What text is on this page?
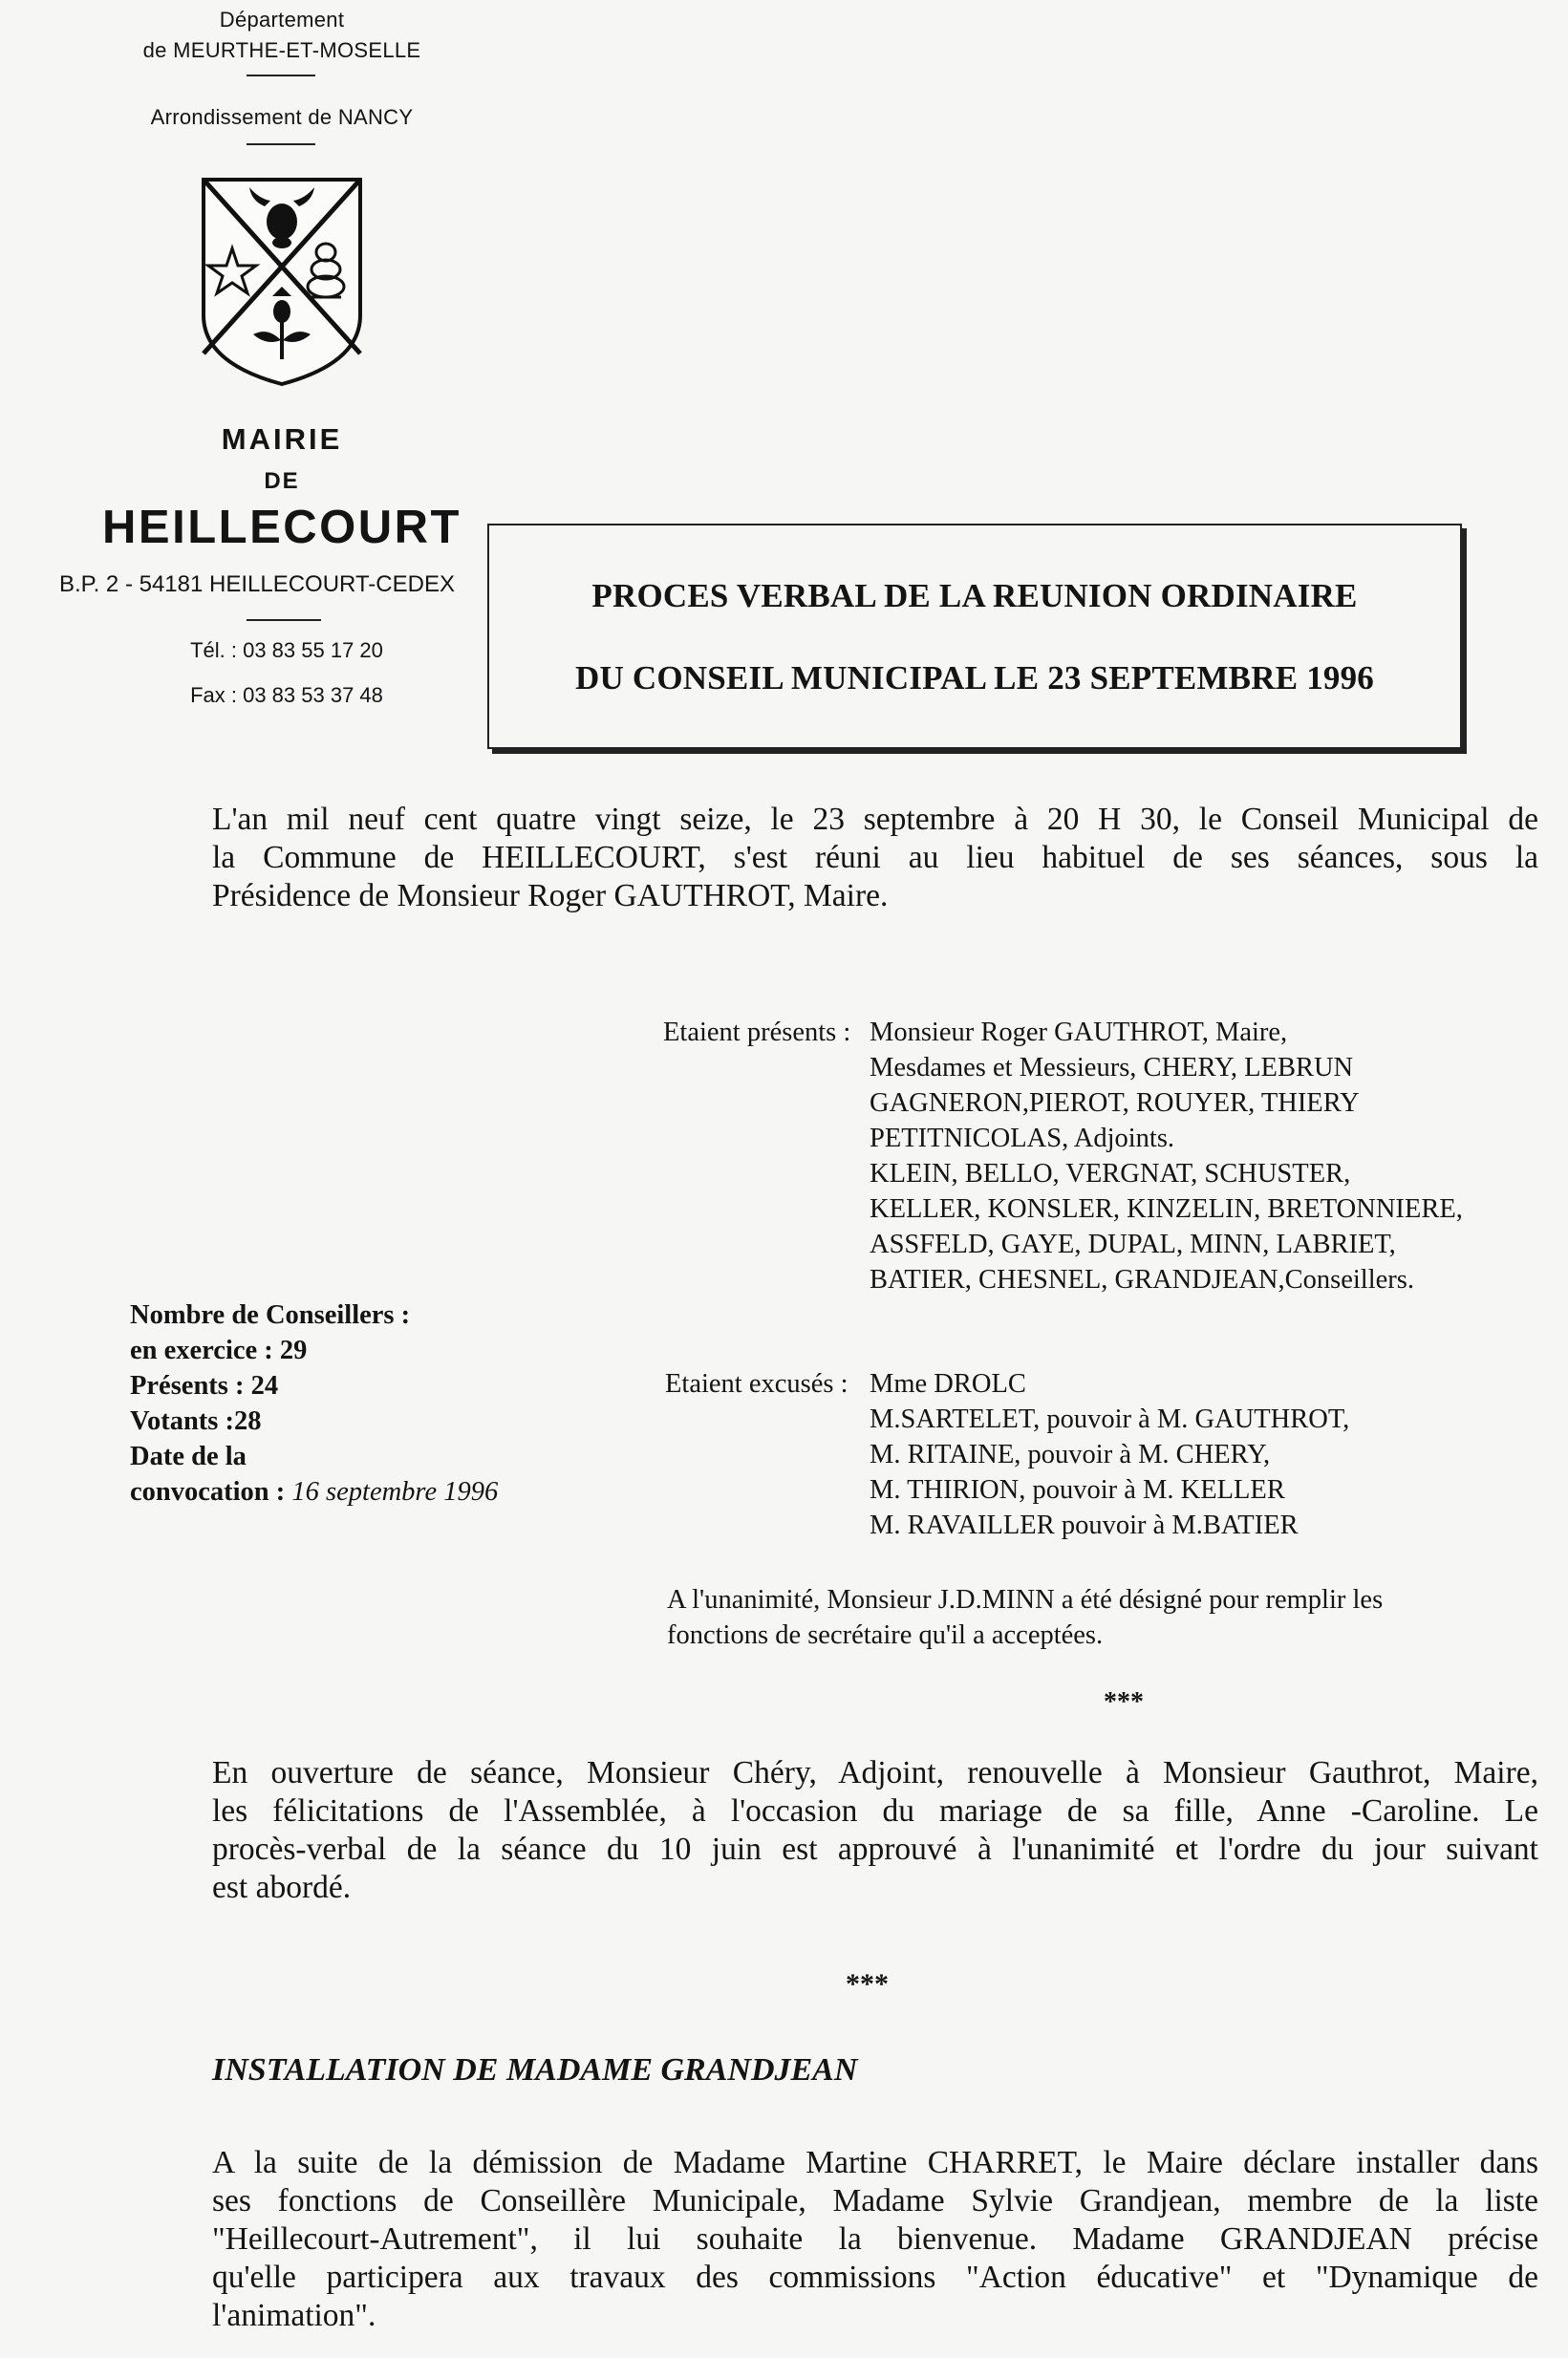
Département
de MEURTHE-ET-MOSELLE
Arrondissement de NANCY
MAIRIE
DE
HEILLECOURT
B.P. 2 - 54181 HEILLECOURT-CEDEX
Tél. : 03 83 55 17 20
Fax : 03 83 53 37 48
PROCES VERBAL DE LA REUNION ORDINAIRE
DU CONSEIL MUNICIPAL LE 23 SEPTEMBRE 1996
L'an mil neuf cent quatre vingt seize, le 23 septembre à 20 H 30, le Conseil Municipal de
la Commune de HEILLECOURT, s'est réuni au lieu habituel de ses séances, sous la
Présidence de Monsieur Roger GAUTHROT, Maire.
Etaient présents : Monsieur Roger GAUTHROT, Maire,
Mesdames et Messieurs, CHERY, LEBRUN
GAGNERON,PIEROT, ROUYER, THIERY
PETITNICOLAS, Adjoints.
KLEIN, BELLO, VERGNAT, SCHUSTER,
KELLER, KONSLER, KINZELIN, BRETONNIERE,
ASSFELD, GAYE, DUPAL, MINN, LABRIET,
BATIER, CHESNEL, GRANDJEAN,Conseillers.
Nombre de Conseillers :
en exercice : 29
Présents : 24
Votants :28
Date de la
convocation : 16 septembre 1996
Etaient excusés : Mme DROLC
M.SARTELET, pouvoir à M. GAUTHROT,
M. RITAINE, pouvoir à M. CHERY,
M. THIRION, pouvoir à M. KELLER
M. RAVAILLER pouvoir à M.BATIER
A l'unanimité, Monsieur J.D.MINN a été désigné pour remplir les
fonctions de secrétaire qu'il a acceptées.
***
En ouverture de séance, Monsieur Chéry, Adjoint, renouvelle à Monsieur Gauthrot, Maire,
les félicitations de l'Assemblée, à l'occasion du mariage de sa fille, Anne -Caroline. Le
procès-verbal de la séance du 10 juin est approuvé à l'unanimité et l'ordre du jour suivant
est abordé.
***
INSTALLATION DE MADAME GRANDJEAN
A la suite de la démission de Madame Martine CHARRET, le Maire déclare installer dans
ses fonctions de Conseillère Municipale, Madame Sylvie Grandjean, membre de la liste
"Heillecourt-Autrement", il lui souhaite la bienvenue. Madame GRANDJEAN précise
qu'elle participera aux travaux des commissions "Action éducative" et "Dynamique de
l'animation".
